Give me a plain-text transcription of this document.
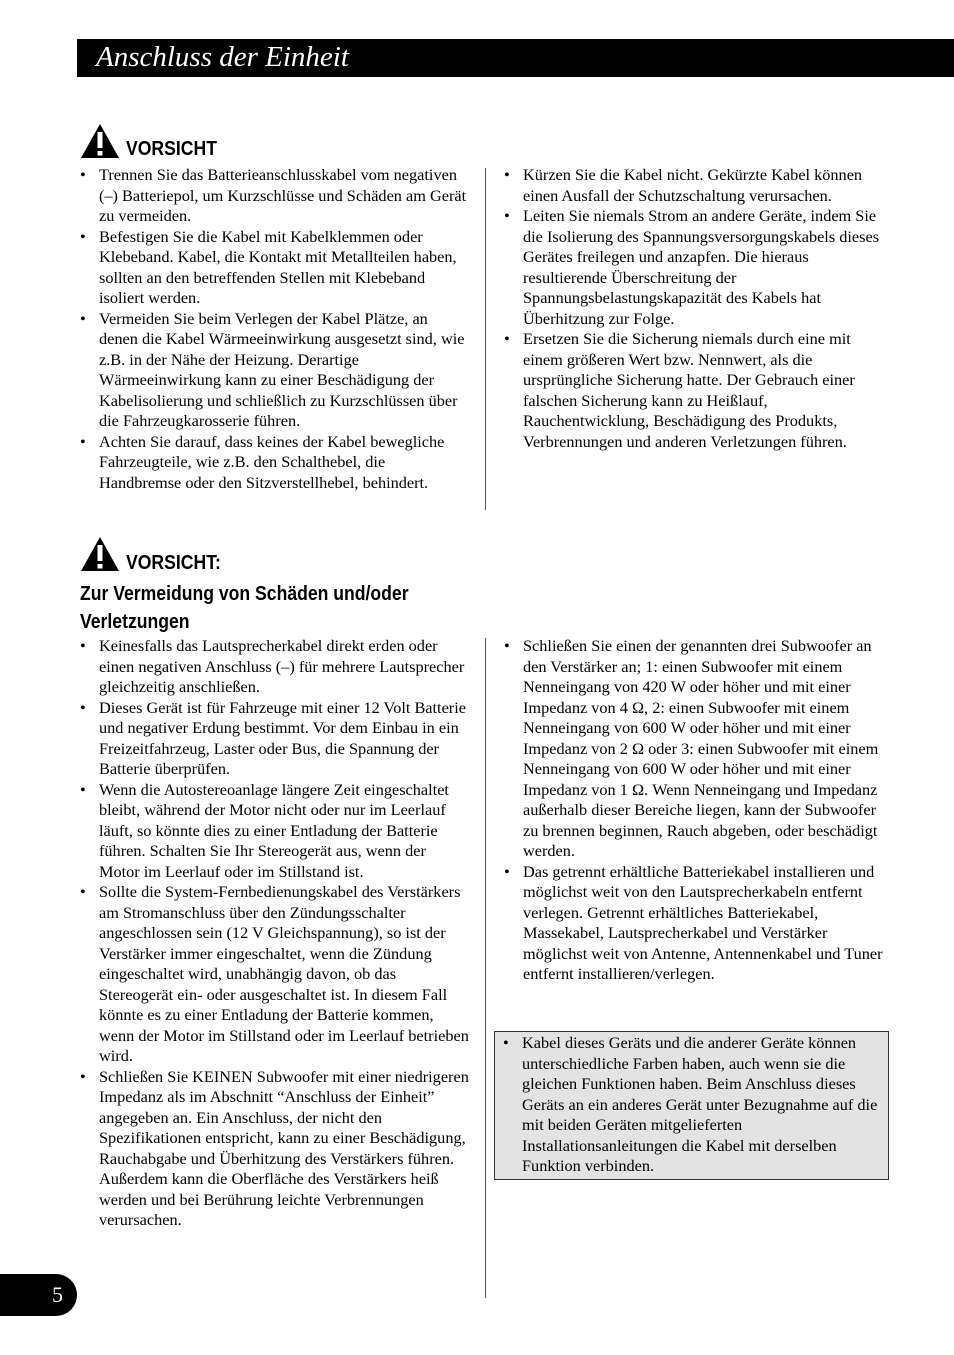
Anschluss der Einheit
VORSICHT
• Trennen Sie das Batterieanschlusskabel vom negativen (–) Batteriepol, um Kurzschlüsse und Schäden am Gerät zu vermeiden.
• Befestigen Sie die Kabel mit Kabelklemmen oder Klebeband. Kabel, die Kontakt mit Metallteilen haben, sollten an den betreffenden Stellen mit Klebeband isoliert werden.
• Vermeiden Sie beim Verlegen der Kabel Plätze, an denen die Kabel Wärmeeinwirkung ausgesetzt sind, wie z.B. in der Nähe der Heizung. Derartige Wärmeeinwirkung kann zu einer Beschädigung der Kabelisolierung und schließlich zu Kurzschlüssen über die Fahrzeugkarosserie führen.
• Achten Sie darauf, dass keines der Kabel bewegliche Fahrzeugteile, wie z.B. den Schalthebel, die Handbremse oder den Sitzverstellhebel, behindert.
• Kürzen Sie die Kabel nicht. Gekürzte Kabel können einen Ausfall der Schutzschaltung verursachen.
• Leiten Sie niemals Strom an andere Geräte, indem Sie die Isolierung des Spannungsversorgungskabels dieses Gerätes freilegen und anzapfen. Die hieraus resultierende Überschreitung der Spannungsbelastungskapazität des Kabels hat Überhitzung zur Folge.
• Ersetzen Sie die Sicherung niemals durch eine mit einem größeren Wert bzw. Nennwert, als die ursprüngliche Sicherung hatte. Der Gebrauch einer falschen Sicherung kann zu Heißlauf, Rauchentwicklung, Beschädigung des Produkts, Verbrennungen und anderen Verletzungen führen.
VORSICHT:
Zur Vermeidung von Schäden und/oder
Verletzungen
• Keinesfalls das Lautsprecherkabel direkt erden oder einen negativen Anschluss (–) für mehrere Lautsprecher gleichzeitig anschließen.
• Dieses Gerät ist für Fahrzeuge mit einer 12 Volt Batterie und negativer Erdung bestimmt. Vor dem Einbau in ein Freizeitfahrzeug, Laster oder Bus, die Spannung der Batterie überprüfen.
• Wenn die Autostereoanlage längere Zeit eingeschaltet bleibt, während der Motor nicht oder nur im Leerlauf läuft, so könnte dies zu einer Entladung der Batterie führen. Schalten Sie Ihr Stereogerät aus, wenn der Motor im Leerlauf oder im Stillstand ist.
• Sollte die System-Fernbedienungskabel des Verstärkers am Stromanschluss über den Zündungsschalter angeschlossen sein (12 V Gleichspannung), so ist der Verstärker immer eingeschaltet, wenn die Zündung eingeschaltet wird, unabhängig davon, ob das Stereogerät ein- oder ausgeschaltet ist. In diesem Fall könnte es zu einer Entladung der Batterie kommen, wenn der Motor im Stillstand oder im Leerlauf betrieben wird.
• Schließen Sie KEINEN Subwoofer mit einer niedrigeren Impedanz als im Abschnitt “Anschluss der Einheit” angegeben an. Ein Anschluss, der nicht den Spezifikationen entspricht, kann zu einer Beschädigung, Rauchabgabe und Überhitzung des Verstärkers führen. Außerdem kann die Oberfläche des Verstärkers heiß werden und bei Berührung leichte Verbrennungen verursachen.
• Schließen Sie einen der genannten drei Subwoofer an den Verstärker an; 1: einen Subwoofer mit einem Nenneingang von 420 W oder höher und mit einer Impedanz von 4 Ω, 2: einen Subwoofer mit einem Nenneingang von 600 W oder höher und mit einer Impedanz von 2 Ω oder 3: einen Subwoofer mit einem Nenneingang von 600 W oder höher und mit einer Impedanz von 1 Ω. Wenn Nenneingang und Impedanz außerhalb dieser Bereiche liegen, kann der Subwoofer zu brennen beginnen, Rauch abgeben, oder beschädigt werden.
• Das getrennt erhältliche Batteriekabel installieren und möglichst weit von den Lautsprecherkabeln entfernt verlegen. Getrennt erhältliches Batteriekabel, Massekabel, Lautsprecherkabel und Verstärker möglichst weit von Antenne, Antennenkabel und Tuner entfernt installieren/verlegen.
• Kabel dieses Geräts und die anderer Geräte können unterschiedliche Farben haben, auch wenn sie die gleichen Funktionen haben. Beim Anschluss dieses Geräts an ein anderes Gerät unter Bezugnahme auf die mit beiden Geräten mitgelieferten Installationsanleitungen die Kabel mit derselben Funktion verbinden.
5
